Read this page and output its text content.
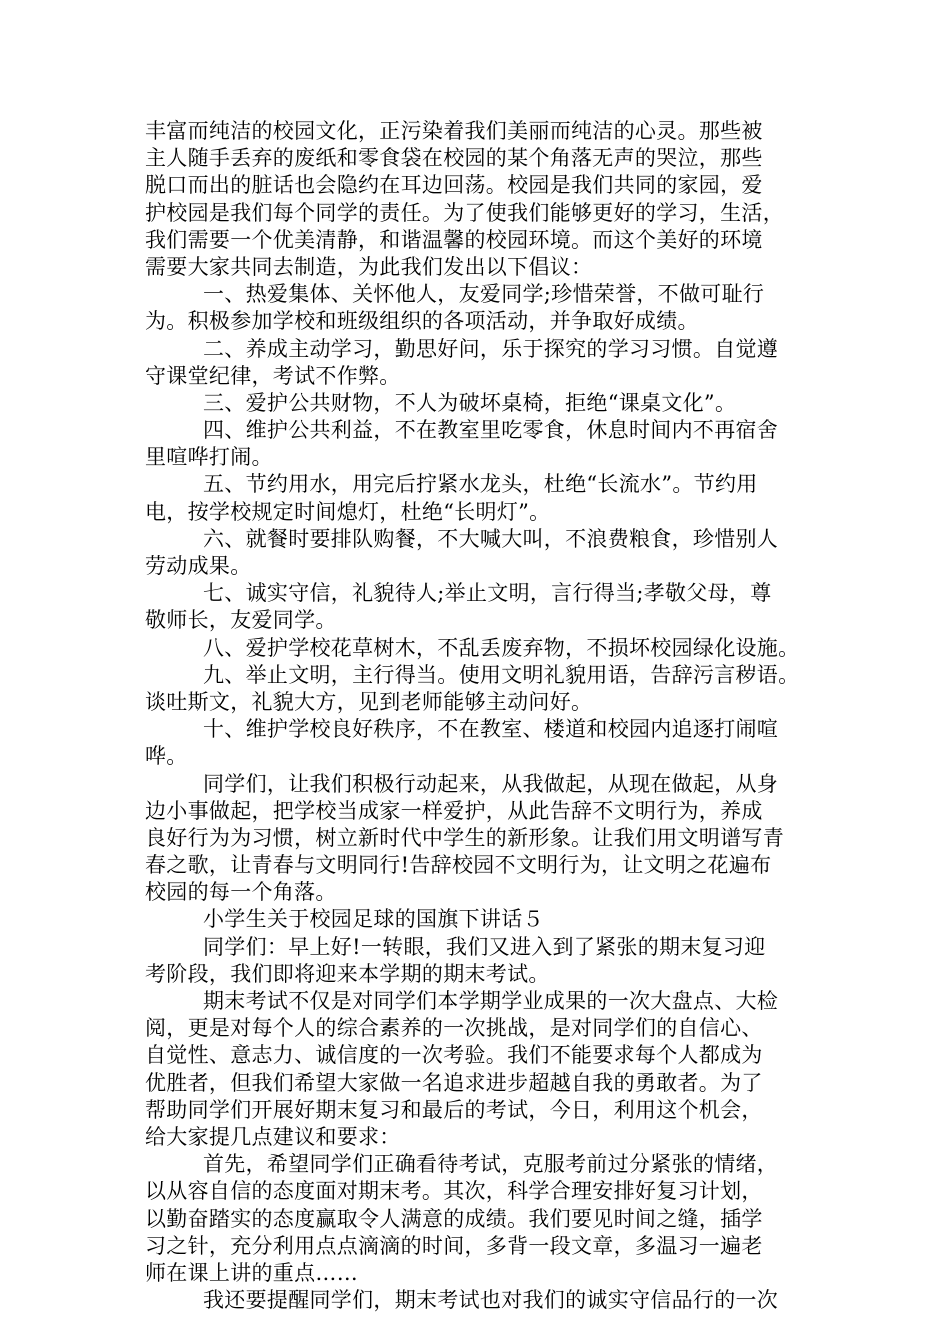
丰富而纯洁的校园文化，正污染着我们美丽而纯洁的心灵。那些被
主人随手丢弃的废纸和零食袋在校园的某个角落无声的哭泣，那些
脱口而出的脏话也会隐约在耳边回荡。校园是我们共同的家园，爱
护校园是我们每个同学的责任。为了使我们能够更好的学习，生活，
我们需要一个优美清静，和谐温馨的校园环境。而这个美好的环境
需要大家共同去制造，为此我们发出以下倡议：
一、热爱集体、关怀他人，友爱同学;珍惜荣誉，不做可耻行
为。积极参加学校和班级组织的各项活动，并争取好成绩。
二、养成主动学习，勤思好问，乐于探究的学习习惯。自觉遵
守课堂纪律，考试不作弊。
三、爱护公共财物，不人为破坏桌椅，拒绝“课桌文化”。
四、维护公共利益，不在教室里吃零食，休息时间内不再宿舍
里喧哗打闹。
五、节约用水，用完后拧紧水龙头，杜绝“长流水”。节约用
电，按学校规定时间熄灯，杜绝“长明灯”。
六、就餐时要排队购餐，不大喊大叫，不浪费粮食，珍惜别人
劳动成果。
七、诚实守信，礼貌待人;举止文明，言行得当;孝敬父母，尊
敬师长，友爱同学。
八、爱护学校花草树木，不乱丢废弃物，不损坏校园绿化设施。
九、举止文明，主行得当。使用文明礼貌用语，告辞污言秽语。
谈吐斯文，礼貌大方，见到老师能够主动问好。
十、维护学校良好秩序，不在教室、楼道和校园内追逐打闹喧
哗。
同学们，让我们积极行动起来，从我做起，从现在做起，从身
边小事做起，把学校当成家一样爱护，从此告辞不文明行为，养成
良好行为为习惯，树立新时代中学生的新形象。让我们用文明谱写青
春之歌，让青春与文明同行!告辞校园不文明行为，让文明之花遍布
校园的每一个角落。
小学生关于校园足球的国旗下讲话５
同学们：早上好!一转眼，我们又进入到了紧张的期末复习迎
考阶段，我们即将迎来本学期的期末考试。
期末考试不仅是对同学们本学期学业成果的一次大盘点、大检
阅，更是对每个人的综合素养的一次挑战，是对同学们的自信心、
自觉性、意志力、诚信度的一次考验。我们不能要求每个人都成为
优胜者，但我们希望大家做一名追求进步超越自我的勇敢者。为了
帮助同学们开展好期末复习和最后的考试，今日，利用这个机会，
给大家提几点建议和要求：
首先，希望同学们正确看待考试，克服考前过分紧张的情绪，
以从容自信的态度面对期末考。其次，科学合理安排好复习计划，
以勤奋踏实的态度赢取令人满意的成绩。我们要见时间之缝，插学
习之针，充分利用点点滴滴的时间，多背一段文章，多温习一遍老
师在课上讲的重点……
我还要提醒同学们，期末考试也对我们的诚实守信品行的一次
